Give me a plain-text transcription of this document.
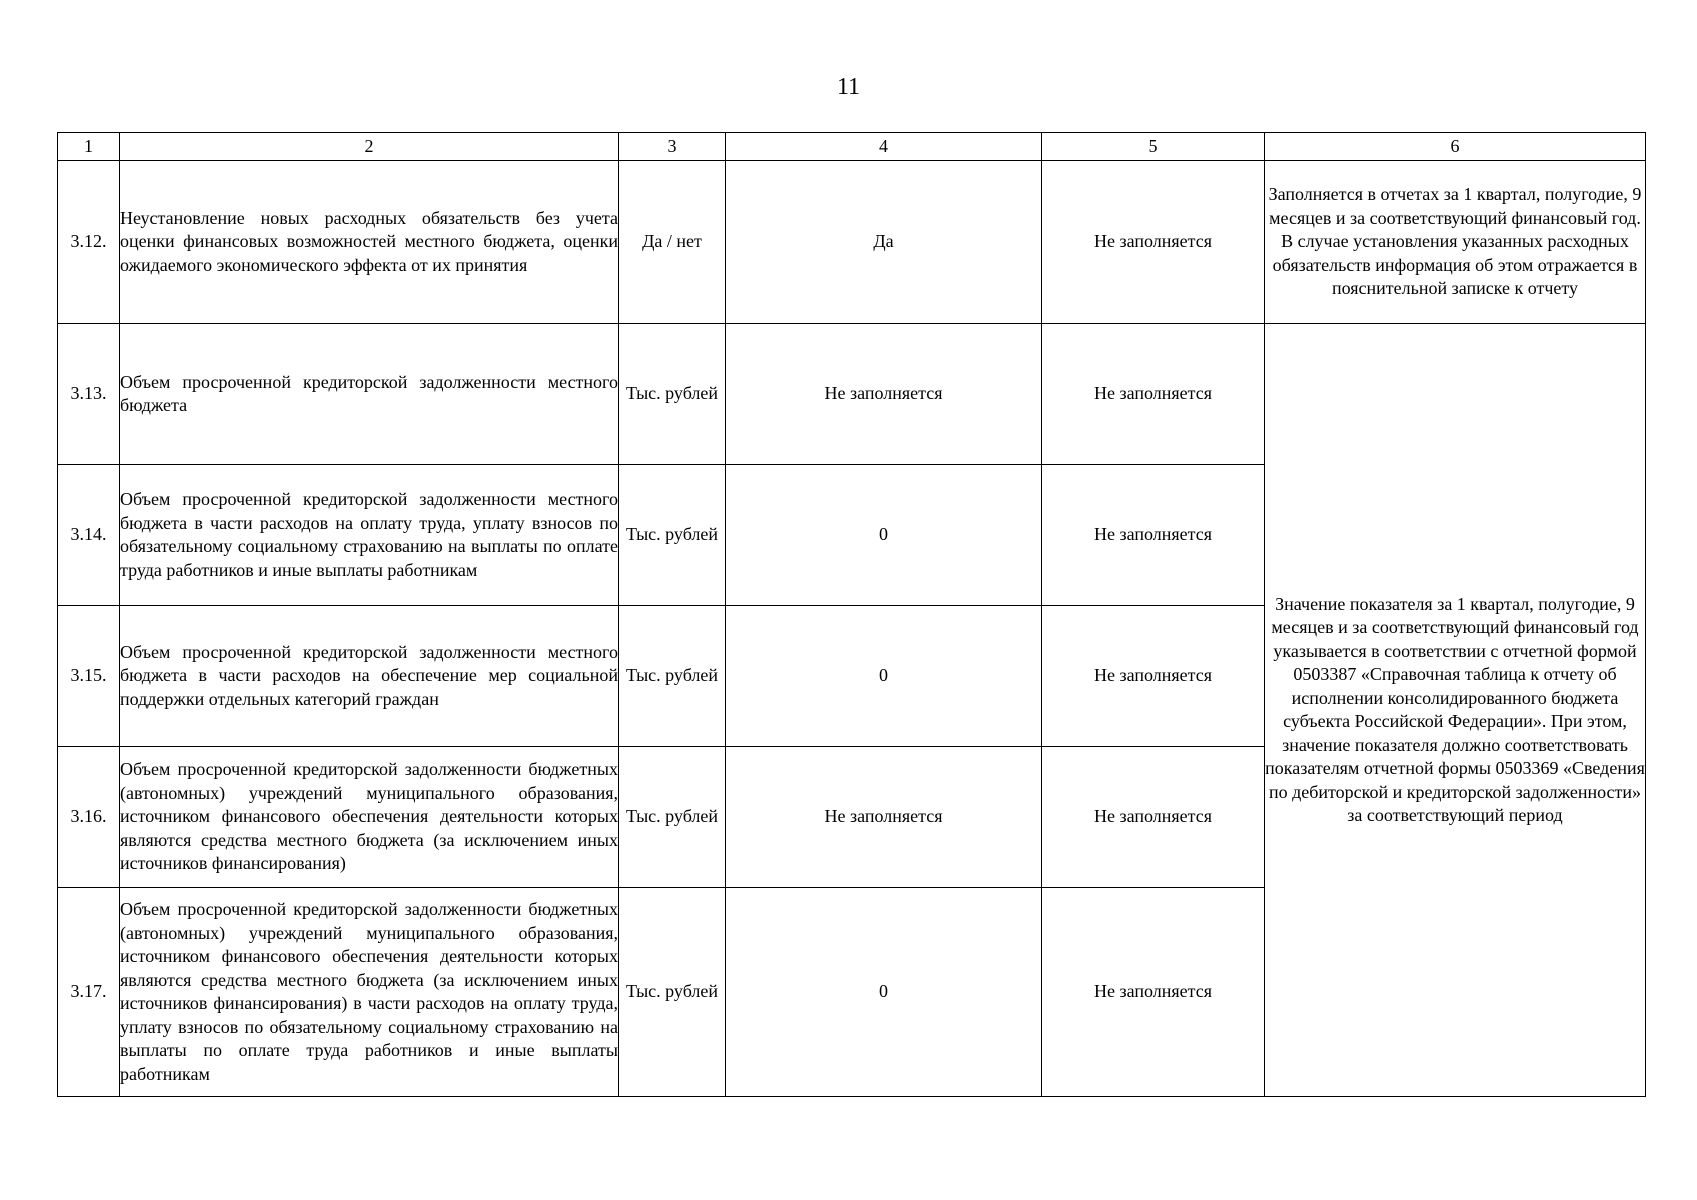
11
1	2	3	4	5	6
3.12.	Неустановление новых расходных обязательств без учета оценки финансовых возможностей местного бюджета, оценки ожидаемого экономического эффекта от их принятия	Да / нет	Да	Не заполняется	Заполняется в отчетах за 1 квартал, полугодие, 9 месяцев и за соответствующий финансовый год. В случае установления указанных расходных обязательств информация об этом отражается в пояснительной записке к отчету
3.13.	Объем просроченной кредиторской задолженности местного бюджета	Тыс. рублей	Не заполняется	Не заполняется	Значение показателя за 1 квартал, полугодие, 9 месяцев и за соответствующий финансовый год указывается в соответствии с отчетной формой 0503387 «Справочная таблица к отчету об исполнении консолидированного бюджета субъекта Российской Федерации». При этом, значение показателя должно соответствовать показателям отчетной формы 0503369 «Сведения по дебиторской и кредиторской задолженности» за соответствующий период
3.14.	Объем просроченной кредиторской задолженности местного бюджета в части расходов на оплату труда, уплату взносов по обязательному социальному страхованию на выплаты по оплате труда работников и иные выплаты работникам	Тыс. рублей	0	Не заполняется	
3.15.	Объем просроченной кредиторской задолженности местного бюджета в части расходов на обеспечение мер социальной поддержки отдельных категорий граждан	Тыс. рублей	0	Не заполняется	
3.16.	Объем просроченной кредиторской задолженности бюджетных (автономных) учреждений муниципального образования, источником финансового обеспечения деятельности которых являются средства местного бюджета (за исключением иных источников финансирования)	Тыс. рублей	Не заполняется	Не заполняется	
3.17.	Объем просроченной кредиторской задолженности бюджетных (автономных) учреждений муниципального образования, источником финансового обеспечения деятельности которых являются средства местного бюджета (за исключением иных источников финансирования) в части расходов на оплату труда, уплату взносов по обязательному социальному страхованию на выплаты по оплате труда работников и иные выплаты работникам	Тыс. рублей	0	Не заполняется	
